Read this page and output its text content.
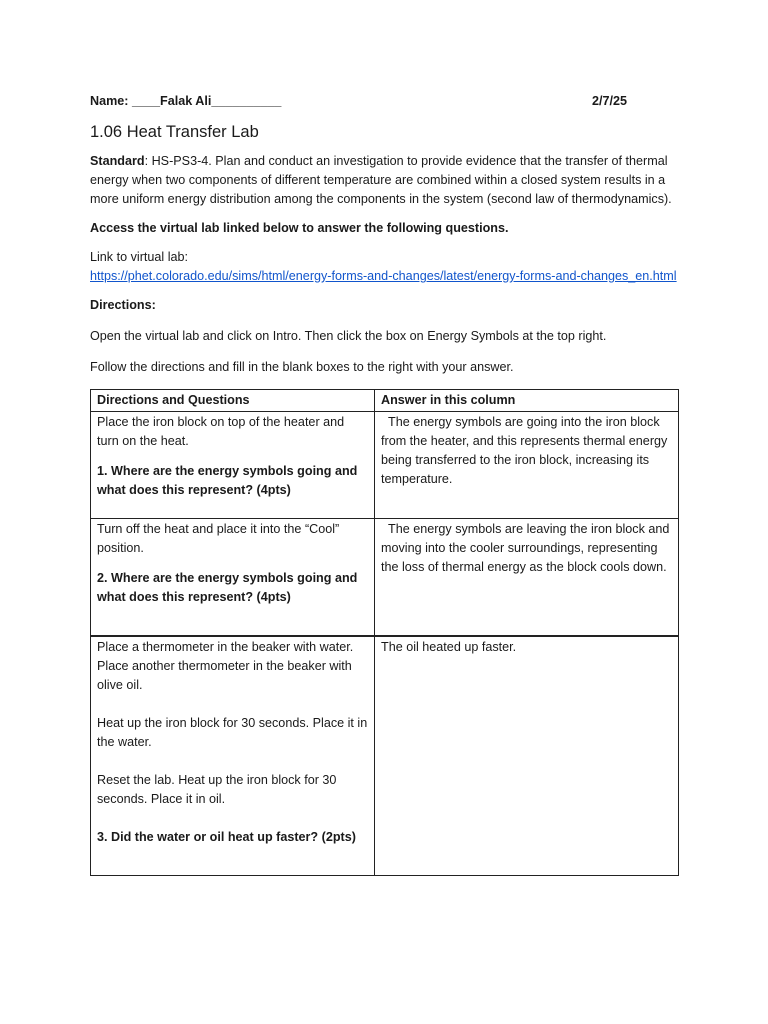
Name: ____Falak Ali__________	2/7/25
1.06 Heat Transfer Lab

Standard: HS-PS3-4. Plan and conduct an investigation to provide evidence that the transfer of thermal energy when two components of different temperature are combined within a closed system results in a more uniform energy distribution among the components in the system (second law of thermodynamics).

Access the virtual lab linked below to answer the following questions.

Link to virtual lab:

https://phet.colorado.edu/sims/html/energy-forms-and-changes/latest/energy-forms-and-changes_en.html

Directions:

Open the virtual lab and click on Intro. Then click the box on Energy Symbols at the top right.

Follow the directions and fill in the blank boxes to the right with your answer.

Directions and Questions	Answer in this column

Place the iron block on top of the heater and turn on the heat.

1. Where are the energy symbols going and what does this represent? (4pts)	The energy symbols are going into the iron block from the heater, and this represents thermal energy being transferred to the iron block, increasing its temperature.

Turn off the heat and place it into the “Cool” position.

2. Where are the energy symbols going and what does this represent? (4pts)	The energy symbols are leaving the iron block and moving into the cooler surroundings, representing the loss of thermal energy as the block cools down.

Place a thermometer in the beaker with water. Place another thermometer in the beaker with olive oil.

Heat up the iron block for 30 seconds. Place it in the water.

Reset the lab. Heat up the iron block for 30 seconds. Place it in oil.

3. Did the water or oil heat up faster? (2pts)	The oil heated up faster.
